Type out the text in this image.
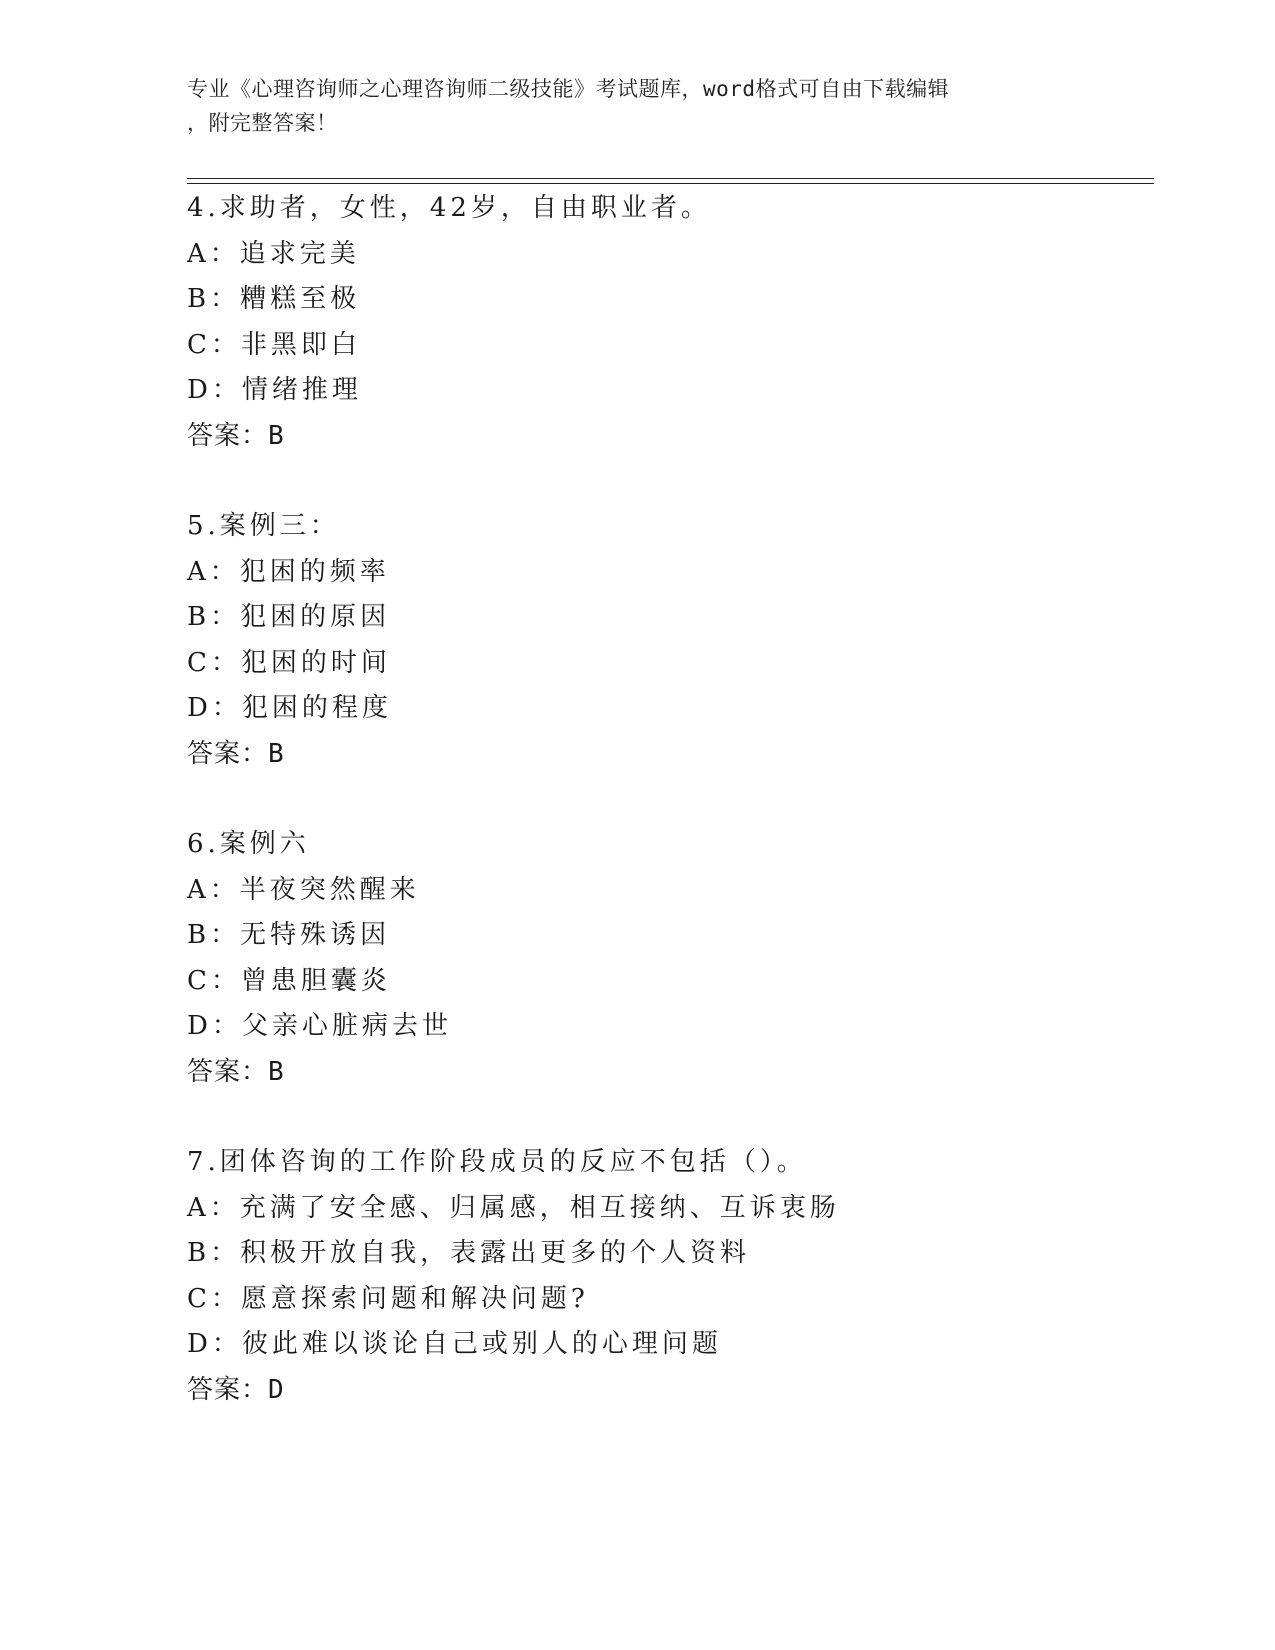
专业《心理咨询师之心理咨询师二级技能》考试题库，word格式可自由下载编辑
，附完整答案！
4.求助者，女性，42岁，自由职业者。
A：追求完美
B：糟糕至极
C：非黑即白
D：情绪推理
答案：B
5.案例三：
A：犯困的频率
B：犯困的原因
C：犯困的时间
D：犯困的程度
答案：B
6.案例六
A：半夜突然醒来
B：无特殊诱因
C：曾患胆囊炎
D：父亲心脏病去世
答案：B
7.团体咨询的工作阶段成员的反应不包括（）。
A：充满了安全感、归属感，相互接纳、互诉衷肠
B：积极开放自我，表露出更多的个人资料
C：愿意探索问题和解决问题?
D：彼此难以谈论自己或别人的心理问题
答案：D
